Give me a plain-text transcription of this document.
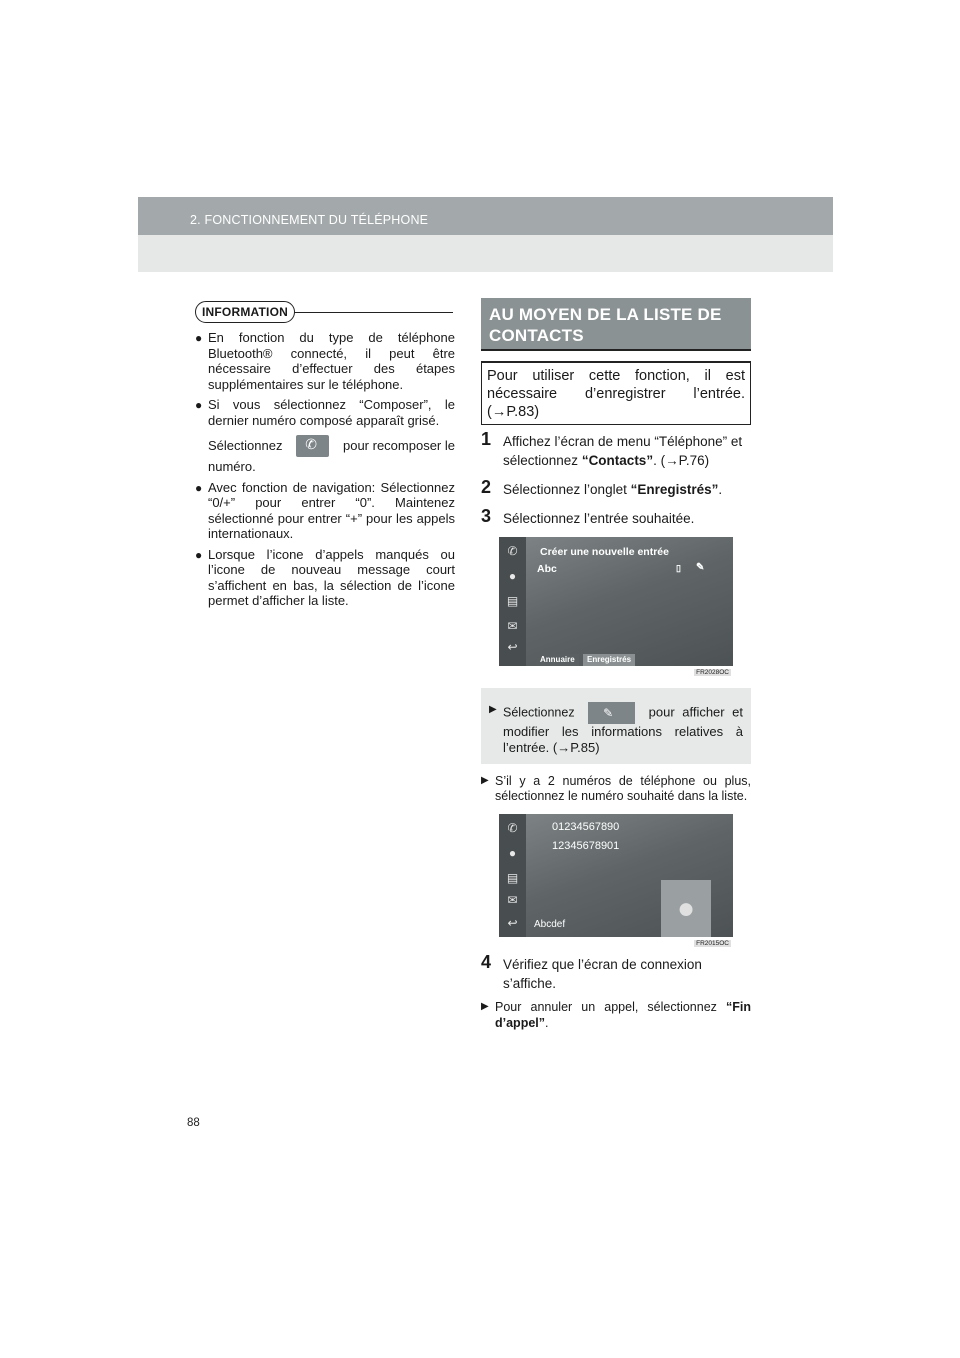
2. FONCTIONNEMENT DU TÉLÉPHONE
INFORMATION
● En fonction du type de téléphone Bluetooth® connecté, il peut être nécessaire d’effectuer des étapes supplémentaires sur le téléphone.
● Si vous sélectionnez “Composer”, le dernier numéro composé apparaît grisé.
Sélectionnez ✆ pour recomposer le
numéro.
● Avec fonction de navigation: Sélectionnez “0/+” pour entrer “0”. Maintenez sélectionné pour entrer “+” pour les appels internationaux.
● Lorsque l’icone d’appels manqués ou l’icone de nouveau message court s’affichent en bas, la sélection de l’icone permet d’afficher la liste.
AU MOYEN DE LA LISTE DE CONTACTS
Pour utiliser cette fonction, il est nécessaire d’enregistrer l’entrée. (→P.83)
1 Affichez l’écran de menu “Téléphone” et sélectionnez “Contacts”. (→P.76)
2 Sélectionnez l’onglet “Enregistrés”.
3 Sélectionnez l’entrée souhaitée.
✆
●
▤
✉
↩
Créer une nouvelle entrée
Abc	▯ ✎
Annuaire	Enregistrés
FR2028OC
▶ Sélectionnez ✎	pour afficher et modifier les informations relatives à l’entrée. (→P.85)
▶ S’il y a 2 numéros de téléphone ou plus, sélectionnez le numéro souhaité dans la liste.
✆
●
▤
✉
↩
01234567890
12345678901
●
Abcdef
FR2015OC
4 Vérifiez que l’écran de connexion s’affiche.
▶ Pour annuler un appel, sélectionnez “Fin d’appel”.
88
